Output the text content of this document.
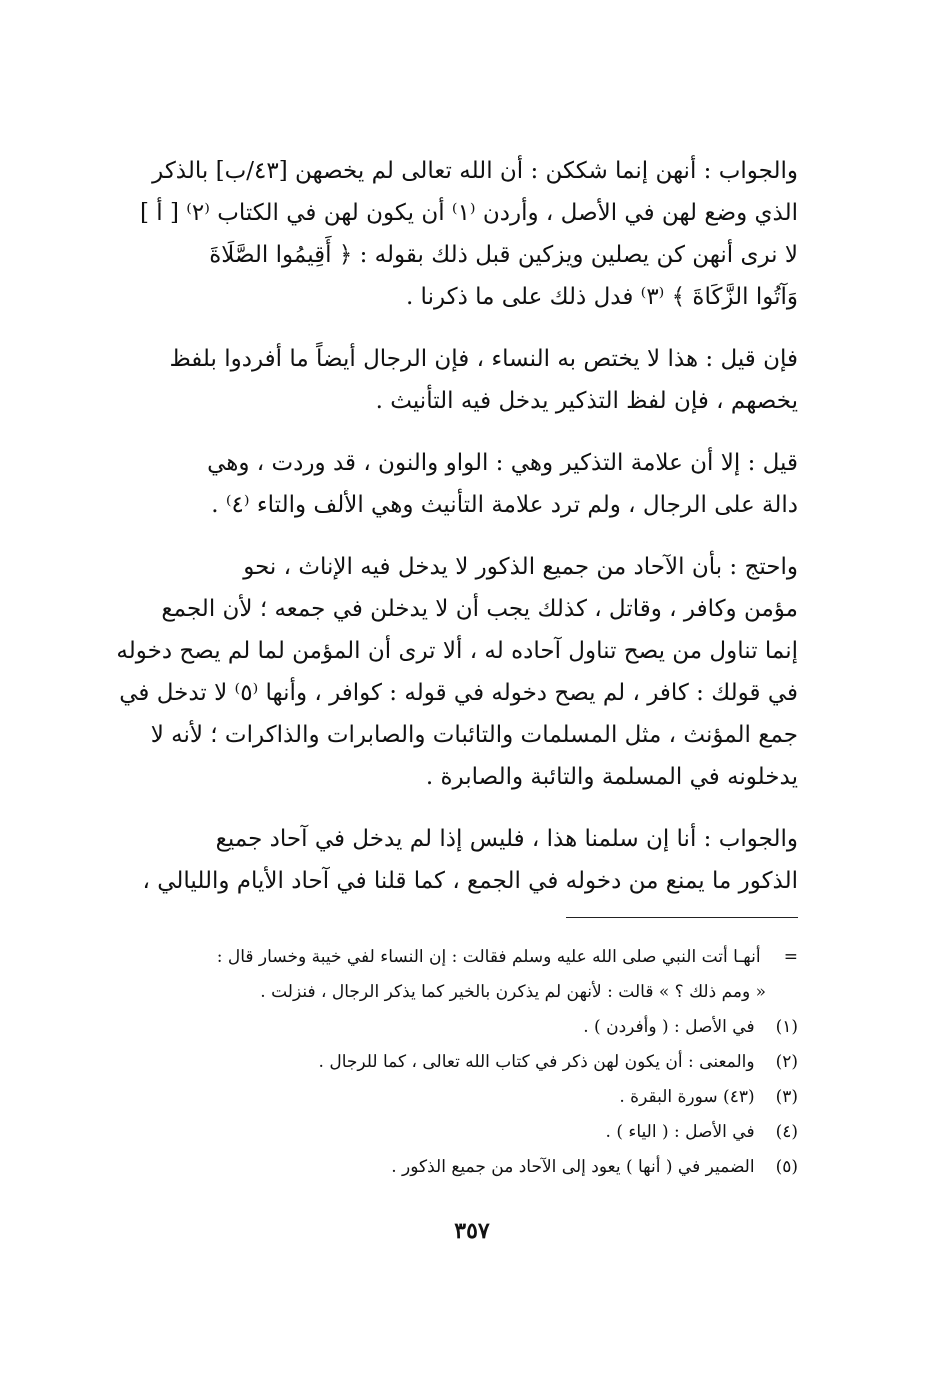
والجواب : أنهن إنما شككن : أن الله تعالى لم يخصهن [٤٣/ب] بالذكر
الذي وضع لهن في الأصل ، وأردن ⁽١⁾ أن يكون لهن في الكتاب ⁽٢⁾ [ أ ]
لا نرى أنهن كن يصلين ويزكين قبل ذلك بقوله : ﴿ أَقِيمُوا الصَّلَاةَ
وَآتُوا الزَّكَاةَ ﴾ ⁽٣⁾ فدل ذلك على ما ذكرنا .

فإن قيل : هذا لا يختص به النساء ، فإن الرجال أيضاً ما أفردوا بلفظ
يخصهم ، فإن لفظ التذكير يدخل فيه التأنيث .

قيل : إلا أن علامة التذكير وهي : الواو والنون ، قد وردت ، وهي
دالة على الرجال ، ولم ترد علامة التأنيث وهي الألف والتاء ⁽٤⁾ .

واحتج : بأن الآحاد من جميع الذكور لا يدخل فيه الإناث ، نحو
مؤمن وكافر ، وقاتل ، كذلك يجب أن لا يدخلن في جمعه ؛ لأن الجمع
إنما تناول من يصح تناول آحاده له ، ألا ترى أن المؤمن لما لم يصح دخوله
في قولك : كافر ، لم يصح دخوله في قوله : كوافر ، وأنها ⁽٥⁾ لا تدخل في
جمع المؤنث ، مثل المسلمات والتائبات والصابرات والذاكرات ؛ لأنه لا
يدخلونه في المسلمة والتائبة والصابرة .

والجواب : أنا إن سلمنا هذا ، فليس إذا لم يدخل في آحاد جميع
الذكور ما يمنع من دخوله في الجمع ، كما قلنا في آحاد الأيام والليالي ،

= أنهـا أتت النبي صلى الله عليه وسلم فقالت : إن النساء لفي خيبة وخسار قال :
« ومم ذلك ؟ » قالت : لأنهن لم يذكرن بالخير كما يذكر الرجال ، فنزلت .
(١) في الأصل : ( وأفردن ) .
(٢) والمعنى : أن يكون لهن ذكر في كتاب الله تعالى ، كما للرجال .
(٣) (٤٣) سورة البقرة .
(٤) في الأصل : ( الياء ) .
(٥) الضمير في ( أنها ) يعود إلى الآحاد من جميع الذكور .
٣٥٧
